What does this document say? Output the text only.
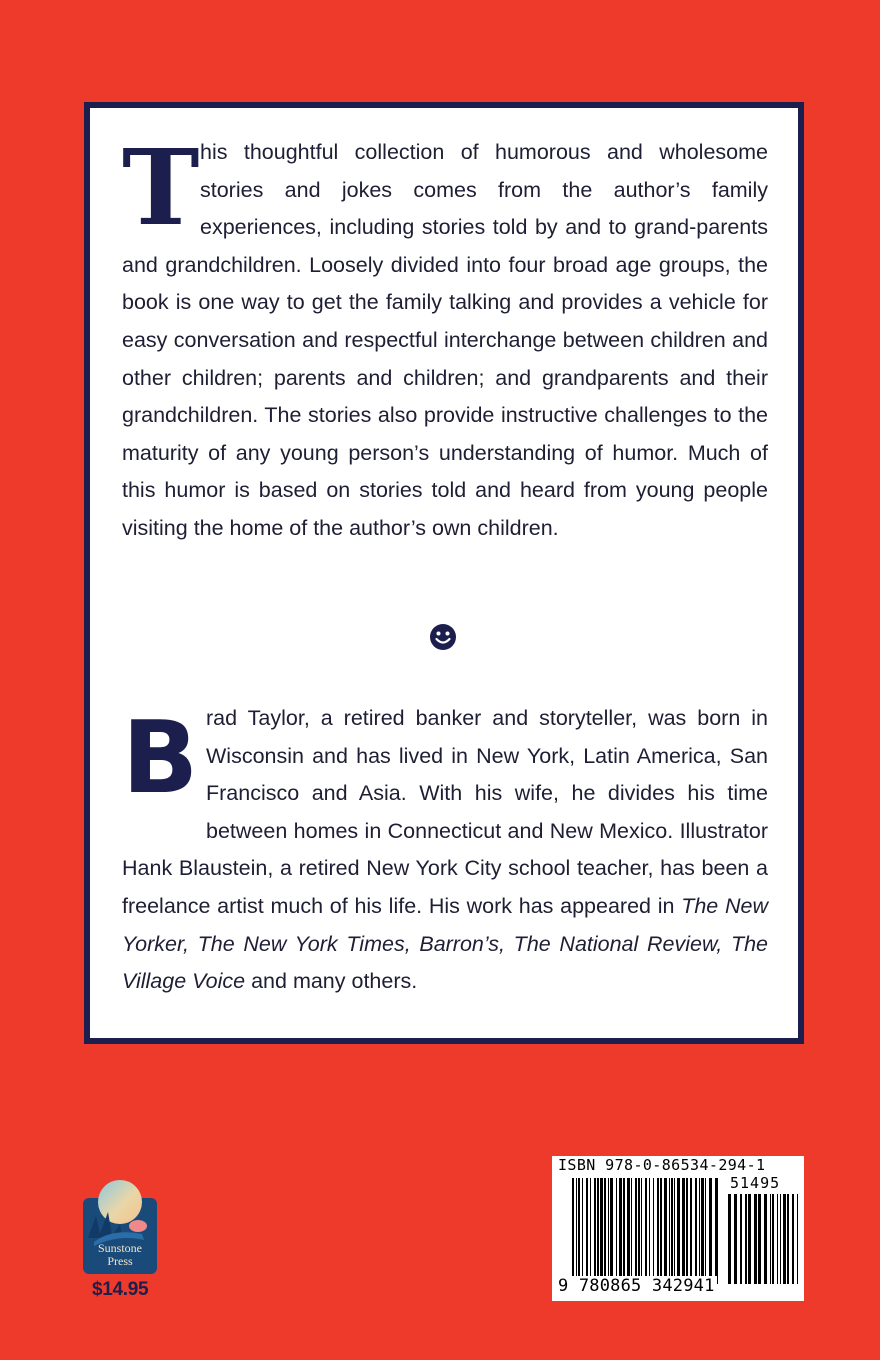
This thoughtful collection of humorous and wholesome stories and jokes comes from the author’s family experiences, including stories told by and to grand-parents and grandchildren. Loosely divided into four broad age groups, the book is one way to get the family talking and provides a vehicle for easy conversation and respectful interchange between children and other children; parents and children; and grandparents and their grandchildren. The stories also provide instructive challenges to the maturity of any young person’s understanding of humor. Much of this humor is based on stories told and heard from young people visiting the home of the author’s own children.

Brad Taylor, a retired banker and storyteller, was born in Wisconsin and has lived in New York, Latin America, San Francisco and Asia. With his wife, he divides his time between homes in Connecticut and New Mexico. Illustrator Hank Blaustein, a retired New York City school teacher, has been a freelance artist much of his life. His work has appeared in The New Yorker, The New York Times, Barron’s, The National Review, The Village Voice and many others.

Sunstone
Press
$14.95
ISBN 978-0-86534-294-1
51495
9 780865 342941
